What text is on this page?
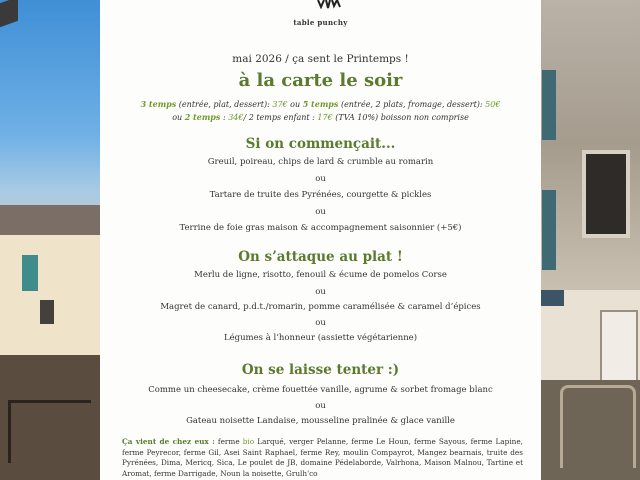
table punchy
mai 2026 / ça sent le Printemps !
à la carte le soir
3 temps (entrée, plat, dessert): 37€ ou 5 temps (entrée, 2 plats, fromage, dessert): 50€
ou 2 temps : 34€/ 2 temps enfant : 17€ (TVA 10%) boisson non comprise
Si on commençait...
Greuil, poireau, chips de lard & crumble au romarin
ou
Tartare de truite des Pyrénées, courgette & pickles
ou
Terrine de foie gras maison & accompagnement saisonnier (+5€)
On s’attaque au plat !
Merlu de ligne, risotto, fenouil & écume de pomelos Corse
ou
Magret de canard, p.d.t./romarin, pomme caramélisée & caramel d’épices
ou
Légumes à l’honneur (assiette végétarienne)
On se laisse tenter :)
Comme un cheesecake, crème fouettée vanille, agrume & sorbet fromage blanc
ou
Gateau noisette Landaise, mousseline pralinée & glace vanille
Ça vient de chez eux : ferme bio Larqué, verger Pelanne, ferme Le Houn, ferme Sayous, ferme Lapine, ferme Peyrecor, ferme Gil, Asei Saint Raphael, ferme Rey, moulin Compayrot, Mangez bearnais, truite des Pyrénées, Dima, Mericq, Sica, Le poulet de JB, domaine Pédelaborde, Valrhona, Maison Malnou, Tartine et Aromat, ferme Darrigade, Noun la noisette, Grulh'co
